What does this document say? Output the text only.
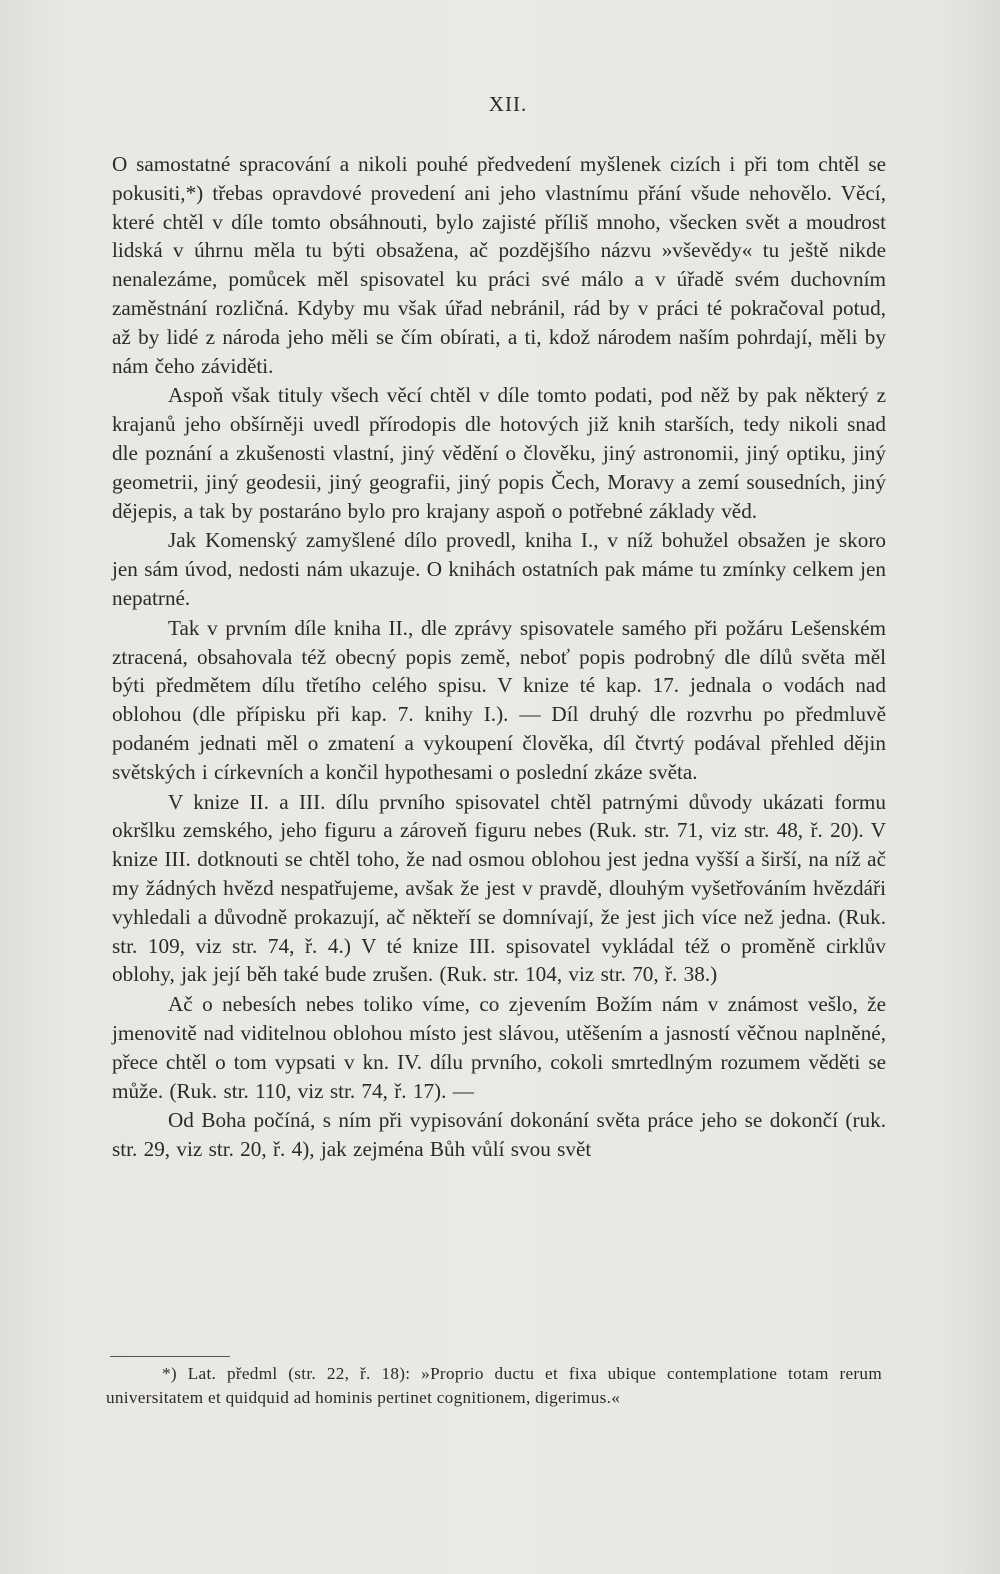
XII.

O samostatné spracování a nikoli pouhé předvedení myšlenek cizích i při tom chtěl se pokusiti,*) třebas opravdové provedení ani jeho vlastnímu přání všude nehovělo. Věcí, které chtěl v díle tomto obsáhnouti, bylo zajisté příliš mnoho, všecken svět a moudrost lidská v úhrnu měla tu býti obsažena, ač pozdějšího názvu »vševědy« tu ještě nikde nenalezáme, pomůcek měl spisovatel ku práci své málo a v úřadě svém duchovním zaměstnání rozličná. Kdyby mu však úřad nebránil, rád by v práci té pokračoval potud, až by lidé z národa jeho měli se čím obírati, a ti, kdož národem naším pohrdají, měli by nám čeho záviděti.

Aspoň však tituly všech věcí chtěl v díle tomto podati, pod něž by pak některý z krajanů jeho obšírněji uvedl přírodopis dle hotových již knih starších, tedy nikoli snad dle poznání a zkušenosti vlastní, jiný vědění o člověku, jiný astronomii, jiný optiku, jiný geometrii, jiný geodesii, jiný geografii, jiný popis Čech, Moravy a zemí sousedních, jiný dějepis, a tak by postaráno bylo pro krajany aspoň o potřebné základy věd.

Jak Komenský zamyšlené dílo provedl, kniha I., v níž bohužel obsažen je skoro jen sám úvod, nedosti nám ukazuje. O knihách ostatních pak máme tu zmínky celkem jen nepatrné.

Tak v prvním díle kniha II., dle zprávy spisovatele samého při požáru Lešenském ztracená, obsahovala též obecný popis země, neboť popis podrobný dle dílů světa měl býti předmětem dílu třetího celého spisu. V knize té kap. 17. jednala o vodách nad oblohou (dle přípisku při kap. 7. knihy I.). — Díl druhý dle rozvrhu po předmluvě podaném jednati měl o zmatení a vykoupení člověka, díl čtvrtý podával přehled dějin světských i církevních a končil hypothesami o poslední zkáze světa.

V knize II. a III. dílu prvního spisovatel chtěl patrnými důvody ukázati formu okršlku zemského, jeho figuru a zároveň figuru nebes (Ruk. str. 71, viz str. 48, ř. 20). V knize III. dotknouti se chtěl toho, že nad osmou oblohou jest jedna vyšší a širší, na níž ač my žádných hvězd nespatřujeme, avšak že jest v pravdě, dlouhým vyšetřováním hvězdáři vyhledali a důvodně prokazují, ač někteří se domnívají, že jest jich více než jedna. (Ruk. str. 109, viz str. 74, ř. 4.) V té knize III. spisovatel vykládal též o proměně cirklův oblohy, jak její běh také bude zrušen. (Ruk. str. 104, viz str. 70, ř. 38.)

Ač o nebesích nebes toliko víme, co zjevením Božím nám v známost vešlo, že jmenovitě nad viditelnou oblohou místo jest slávou, utěšením a jasností věčnou naplněné, přece chtěl o tom vypsati v kn. IV. dílu prvního, cokoli smrtedlným rozumem věděti se může. (Ruk. str. 110, viz str. 74, ř. 17). —

Od Boha počíná, s ním při vypisování dokonání světa práce jeho se dokončí (ruk. str. 29, viz str. 20, ř. 4), jak zejména Bůh vůlí svou svět

*) Lat. předml (str. 22, ř. 18): »Proprio ductu et fixa ubique contemplatione totam rerum universitatem et quidquid ad hominis pertinet cognitionem, digerimus.«
